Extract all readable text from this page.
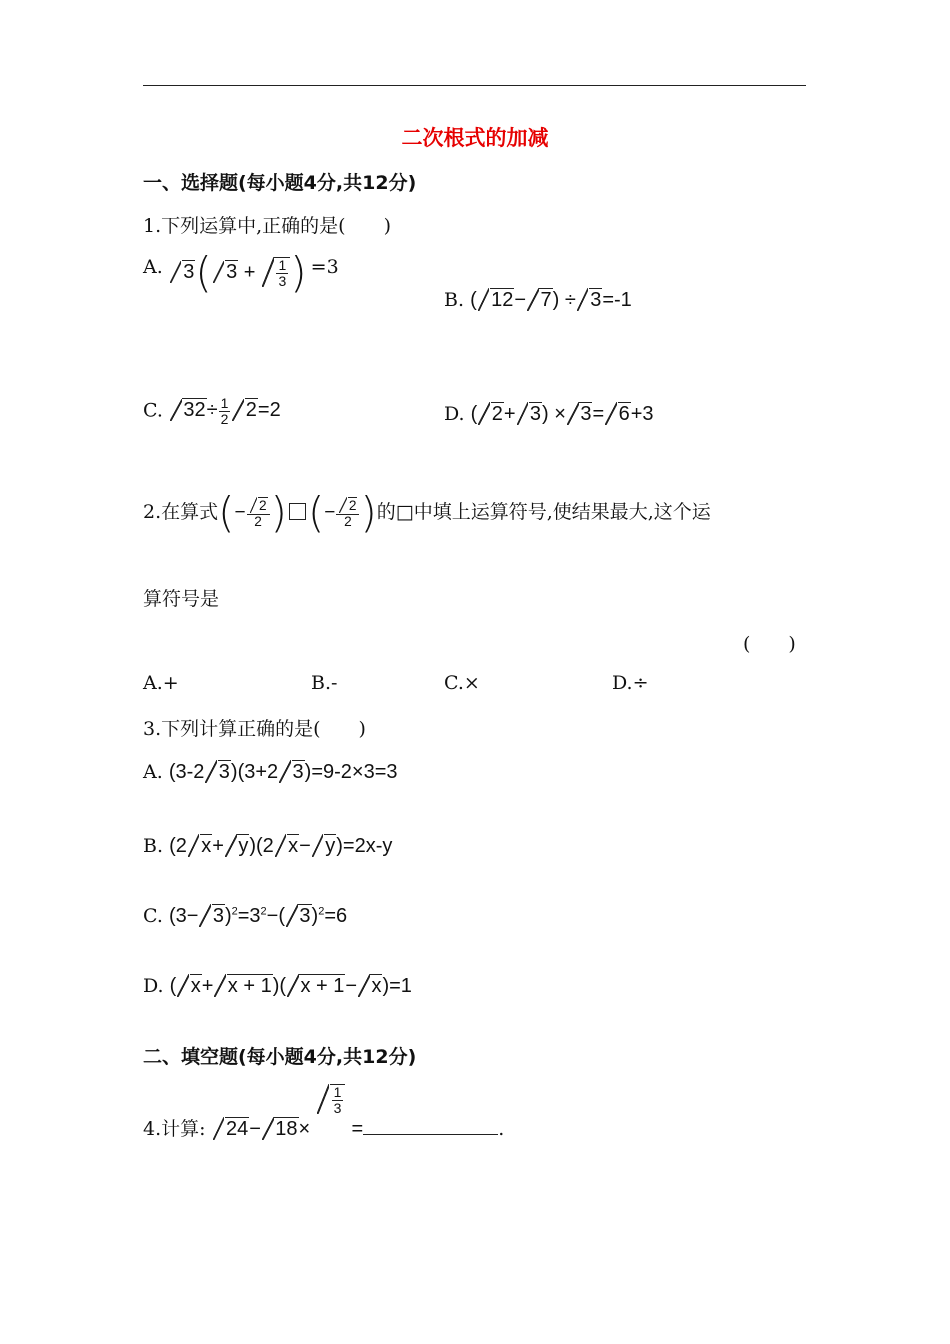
二次根式的加减
一、选择题(每小题4分,共12分)
1.下列运算中,正确的是(　　)
A. 3( $3 + \frac{1}{3}$ ) =3
B. ( 12− 7) ÷ 3=-1
C. $32\div \frac{1}{2} 2=2$	D. ( 2+ 3) × 3= 6+3
2.在算式(− $\frac{2}{2}$ ) (− $\frac{2}{2}$ )的□中填上运算符号,使结果最大,这个运
算符号是
(　　)
A.+	B.-	C.×	D.÷
3.下列计算正确的是(　　)
A. (3-2 3)(3+2 3)=9-2×3=3
B. (2 x+ y)(2 x− y)=2x-y
C. $(3- 3)^2=3^2-$( 3)$^2$=6
D. ( x+ x + 1)( x + 1− x)=1
二、填空题(每小题4分,共12分)
4.计算: 24− 18×
$\frac{1}{3}$
=	.
